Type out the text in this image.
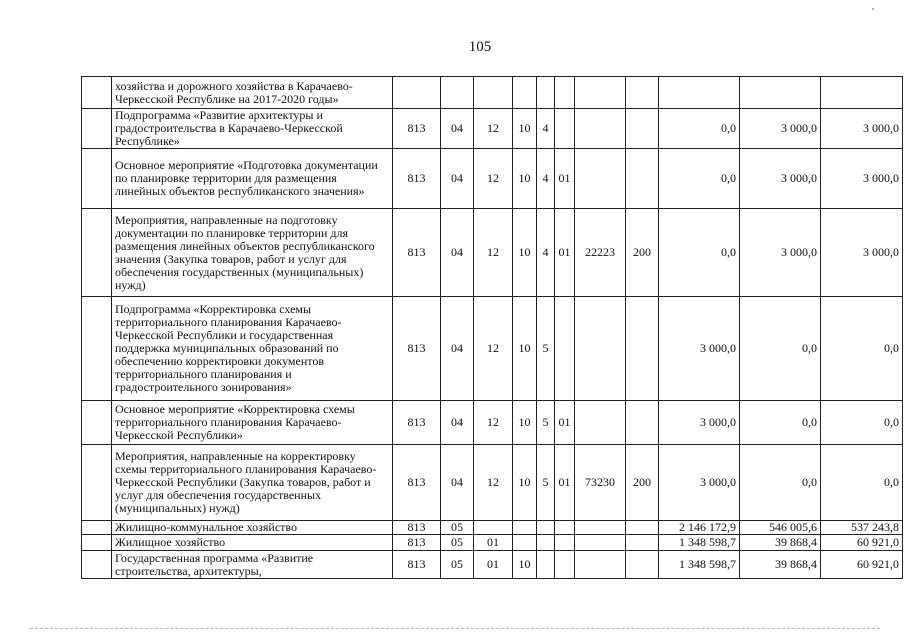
105
	хозяйства и дорожного хозяйства в Карачаево-Черкесской Республике на 2017-2020 годы»											
	Подпрограмма «Развитие архитектуры и градостроительства в Карачаево-Черкесской Республике»	813	04	12	10	4				0,0	3 000,0	3 000,0
	Основное мероприятие «Подготовка документации по планировке территории для размещения линейных объектов республиканского значения»	813	04	12	10	4	01			0,0	3 000,0	3 000,0
	Мероприятия, направленные на подготовку документации по планировке территории для размещения линейных объектов республиканского значения (Закупка товаров, работ и услуг для обеспечения государственных (муниципальных) нужд)	813	04	12	10	4	01	22223	200	0,0	3 000,0	3 000,0
	Подпрограмма «Корректировка схемы территориального планирования Карачаево-Черкесской Республики и государственная поддержка муниципальных образований по обеспечению корректировки документов территориального планирования и градостроительного зонирования»	813	04	12	10	5				3 000,0	0,0	0,0
	Основное мероприятие «Корректировка схемы территориального планирования Карачаево-Черкесской Республики»	813	04	12	10	5	01			3 000,0	0,0	0,0
	Мероприятия, направленные на корректировку схемы территориального планирования Карачаево-Черкесской Республики (Закупка товаров, работ и услуг для обеспечения государственных (муниципальных) нужд)	813	04	12	10	5	01	73230	200	3 000,0	0,0	0,0
	Жилищно-коммунальное хозяйство	813	05							2 146 172,9	546 005,6	537 243,8
	Жилищное хозяйство	813	05	01						1 348 598,7	39 868,4	60 921,0
	Государственная программа «Развитие строительства, архитектуры,	813	05	01	10					1 348 598,7	39 868,4	60 921,0
